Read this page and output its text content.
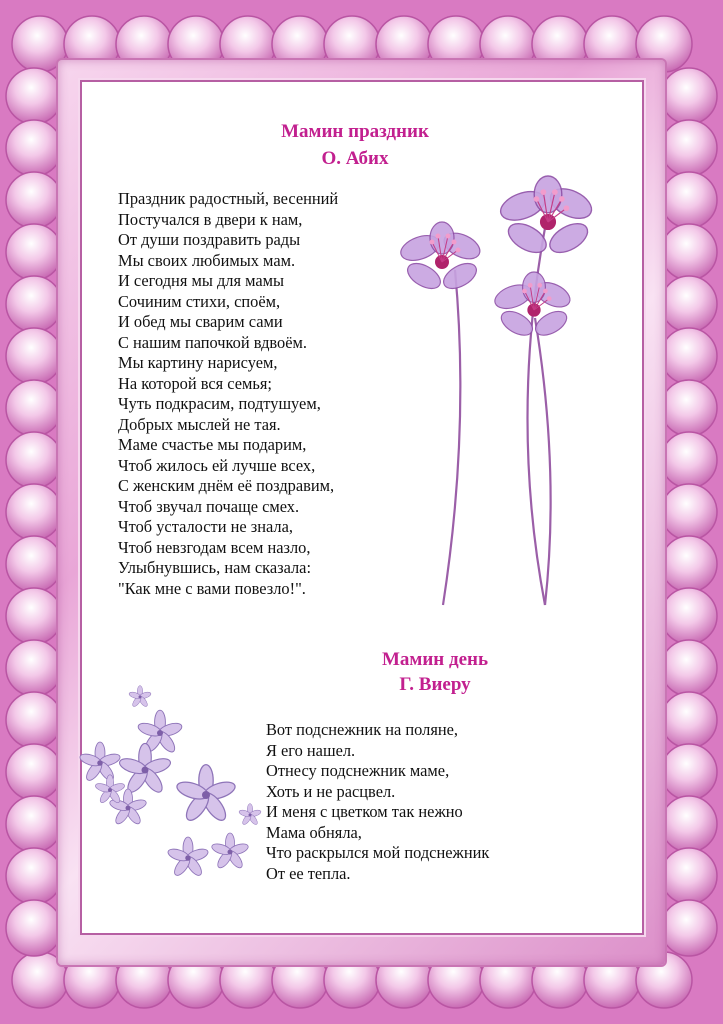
Мамин праздник

О. Абих

Праздник радостный, весенний
Постучался в двери к нам,
От души поздравить рады
Мы своих любимых мам.
И сегодня мы для мамы
Сочиним стихи, споём,
И обед мы сварим сами
С нашим папочкой вдвоём.
Мы картину нарисуем,
На которой вся семья;
Чуть подкрасим, подтушуем,
Добрых мыслей не тая.
Маме счастье мы подарим,
Чтоб жилось ей лучше всех,
С женским днём её поздравим,
Чтоб звучал почаще смех.
Чтоб усталости не знала,
Чтоб невзгодам всем назло,
Улыбнувшись, нам сказала:
"Как мне с вами повезло!".

Мамин день

Г. Виеру

Вот подснежник на поляне,
Я его нашел.
Отнесу подснежник маме,
Хоть и не расцвел.
И меня с цветком так нежно
Мама обняла,
Что раскрылся мой подснежник
От ее тепла.
